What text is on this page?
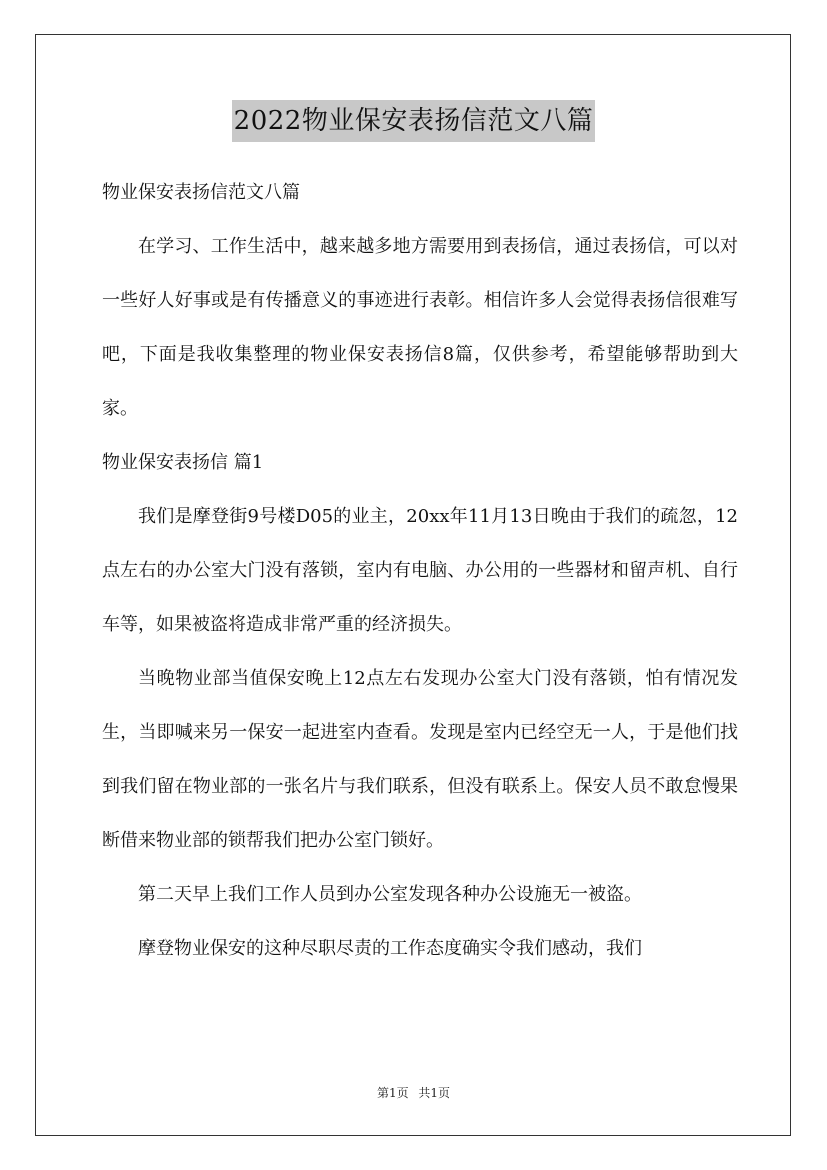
2022物业保安表扬信范文八篇

物业保安表扬信范文八篇

在学习、工作生活中，越来越多地方需要用到表扬信，通过表扬信，可以对一些好人好事或是有传播意义的事迹进行表彰。相信许多人会觉得表扬信很难写吧，下面是我收集整理的物业保安表扬信8篇，仅供参考，希望能够帮助到大家。

物业保安表扬信 篇1

我们是摩登街9号楼D05的业主，20xx年11月13日晚由于我们的疏忽，12点左右的办公室大门没有落锁，室内有电脑、办公用的一些器材和留声机、自行车等，如果被盗将造成非常严重的经济损失。

当晚物业部当值保安晚上12点左右发现办公室大门没有落锁，怕有情况发生，当即喊来另一保安一起进室内查看。发现是室内已经空无一人，于是他们找到我们留在物业部的一张名片与我们联系，但没有联系上。保安人员不敢怠慢果断借来物业部的锁帮我们把办公室门锁好。

第二天早上我们工作人员到办公室发现各种办公设施无一被盗。

摩登物业保安的这种尽职尽责的工作态度确实令我们感动，我们

第1页 共1页
